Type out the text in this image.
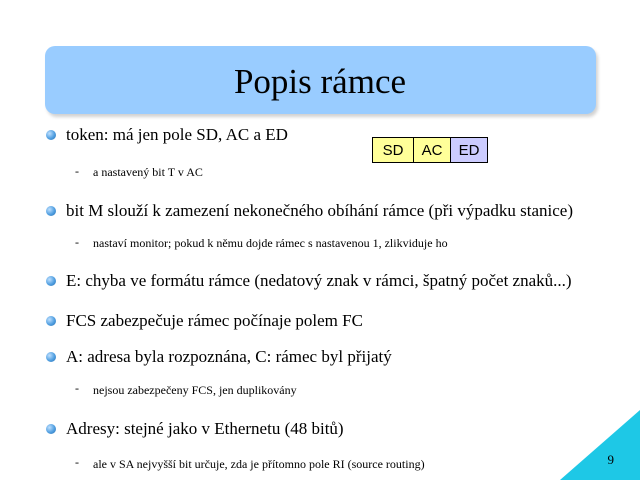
Popis rámce
SD	AC	ED
token: má jen pole SD, AC a ED
- a nastavený bit T v AC
bit M slouží k zamezení nekonečného obíhání rámce (při výpadku stanice)
- nastaví monitor; pokud k němu dojde rámec s nastavenou 1, zlikviduje ho
E: chyba ve formátu rámce (nedatový znak v rámci, špatný počet znaků...)
FCS zabezpečuje rámec počínaje polem FC
A: adresa byla rozpoznána, C: rámec byl přijatý
- nejsou zabezpečeny FCS, jen duplikovány
Adresy: stejné jako v Ethernetu (48 bitů)
- ale v SA nejvyšší bit určuje, zda je přítomno pole RI (source routing)	9
